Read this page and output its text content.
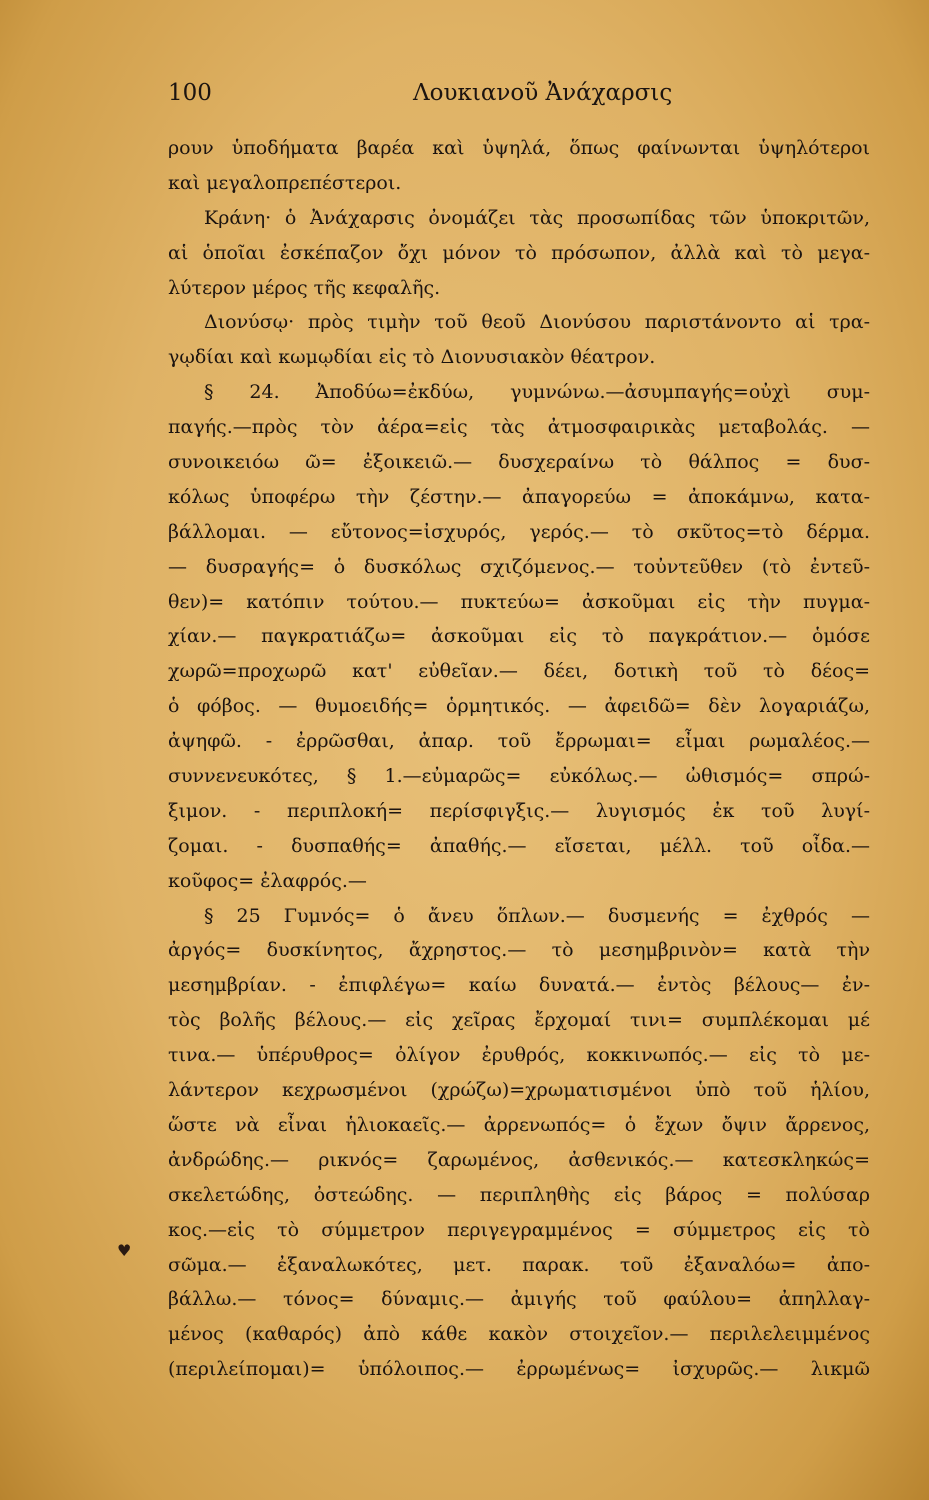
100	Λουκιανοῦ Ἀνάχαρσις
ρουν ὑποδήματα βαρέα καὶ ὑψηλά, ὅπως φαίνωνται ὑψηλότεροι
καὶ μεγαλοπρεπέστεροι.
Κράνη· ὁ Ἀνάχαρσις ὀνομάζει τὰς προσωπίδας τῶν ὑποκριτῶν,
αἱ ὁποῖαι ἐσκέπαζον ὄχι μόνον τὸ πρόσωπον, ἀλλὰ καὶ τὸ μεγα-
λύτερον μέρος τῆς κεφαλῆς.
Διονύσῳ· πρὸς τιμὴν τοῦ θεοῦ Διονύσου παριστάνοντο αἱ τρα-
γῳδίαι καὶ κωμῳδίαι εἰς τὸ Διονυσιακὸν θέατρον.
§ 24. Ἀποδύω=ἐκδύω, γυμνώνω.—ἀσυμπαγής=οὐχὶ συμ-
παγής.—πρὸς τὸν ἀέρα=εἰς τὰς ἀτμοσφαιρικὰς μεταβολάς. —
συνοικειόω ῶ= ἐξοικειῶ.— δυσχεραίνω τὸ θάλπος = δυσ-
κόλως ὑποφέρω τὴν ζέστην.— ἀπαγορεύω = ἀποκάμνω, κατα-
βάλλομαι. — εὔτονος=ἰσχυρός, γερός.— τὸ σκῦτος=τὸ δέρμα.
— δυσραγής= ὁ δυσκόλως σχιζόμενος.— τοὐντεῦθεν (τὸ ἐντεῦ-
θεν)= κατόπιν τούτου.— πυκτεύω= ἀσκοῦμαι εἰς τὴν πυγμα-
χίαν.— παγκρατιάζω= ἀσκοῦμαι εἰς τὸ παγκράτιον.— ὁμόσε
χωρῶ=προχωρῶ κατ' εὐθεῖαν.— δέει, δοτικὴ τοῦ τὸ δέος=
ὁ φόβος. — θυμοειδής= ὁρμητικός. — ἀφειδῶ= δὲν λογαριάζω,
ἀψηφῶ. - ἐρρῶσθαι, ἀπαρ. τοῦ ἔρρωμαι= εἶμαι ρωμαλέος.—
συννενευκότες, § 1.—εὐμαρῶς= εὐκόλως.— ὠθισμός= σπρώ-
ξιμον. - περιπλοκή= περίσφιγξις.— λυγισμός ἐκ τοῦ λυγί-
ζομαι. - δυσπαθής= ἀπαθής.— εἴσεται, μέλλ. τοῦ οἶδα.—
κοῦφος= ἐλαφρός.—
§ 25 Γυμνός= ὁ ἄνευ ὅπλων.— δυσμενής = ἐχθρός —
ἀργός= δυσκίνητος, ἄχρηστος.— τὸ μεσημβρινὸν= κατὰ τὴν
μεσημβρίαν. - ἐπιφλέγω= καίω δυνατά.— ἐντὸς βέλους— ἐν-
τὸς βολῆς βέλους.— εἰς χεῖρας ἔρχομαί τινι= συμπλέκομαι μέ
τινα.— ὑπέρυθρος= ὀλίγον ἐρυθρός, κοκκινωπός.— εἰς τὸ με-
λάντερον κεχρωσμένοι (χρώζω)=χρωματισμένοι ὑπὸ τοῦ ἡλίου,
ὥστε νὰ εἶναι ἡλιοκαεῖς.— ἀρρενωπός= ὁ ἔχων ὄψιν ἄρρενος,
ἀνδρώδης.— ρικνός= ζαρωμένος, ἀσθενικός.— κατεσκληκώς=
σκελετώδης, ὀστεώδης. — περιπληθὴς εἰς βάρος = πολύσαρ
κος.—εἰς τὸ σύμμετρον περιγεγραμμένος = σύμμετρος εἰς τὸ
σῶμα.— ἐξαναλωκότες, μετ. παρακ. τοῦ ἐξαναλόω= ἀπο-
βάλλω.— τόνος= δύναμις.— ἀμιγής τοῦ φαύλου= ἀπηλλαγ-
μένος (καθαρός) ἀπὸ κάθε κακὸν στοιχεῖον.— περιλελειμμένος
(περιλείπομαι)= ὑπόλοιπος.— ἐρρωμένως= ἰσχυρῶς.— λικμῶ
♥
